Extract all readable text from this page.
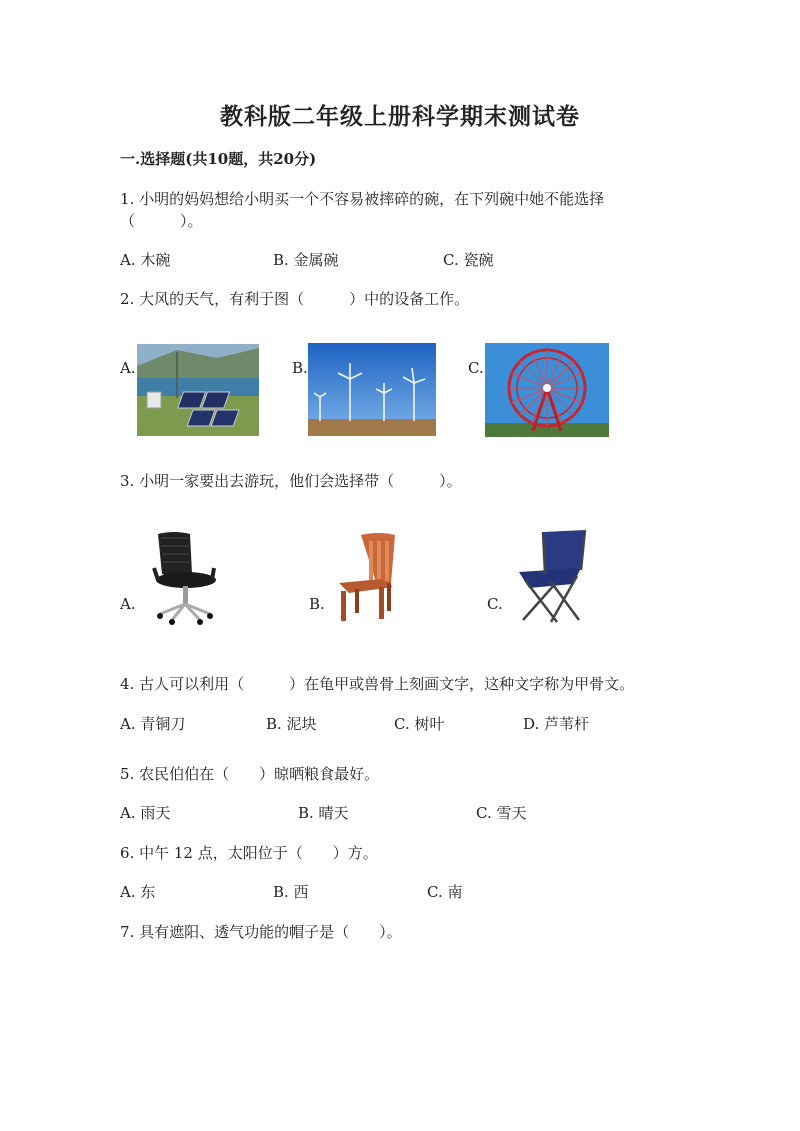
教科版二年级上册科学期末测试卷
一.选择题(共10题，共20分)
1. 小明的妈妈想给小明买一个不容易被摔碎的碗，在下列碗中她不能选择
（　　　）。
A. 木碗	B. 金属碗	C. 瓷碗
2. 大风的天气，有利于图（　　　）中的设备工作。
A.	B.	C.
3. 小明一家要出去游玩，他们会选择带（　　　）。
A.	B.	C.
4. 古人可以利用（　　　）在龟甲或兽骨上刻画文字，这种文字称为甲骨文。
A. 青铜刀	B. 泥块	C. 树叶	D. 芦苇杆
5. 农民伯伯在（　　）晾晒粮食最好。
A. 雨天	B. 晴天	C. 雪天
6. 中午 12 点，太阳位于（　　）方。
A. 东	B. 西	C. 南
7. 具有遮阳、透气功能的帽子是（　　）。
